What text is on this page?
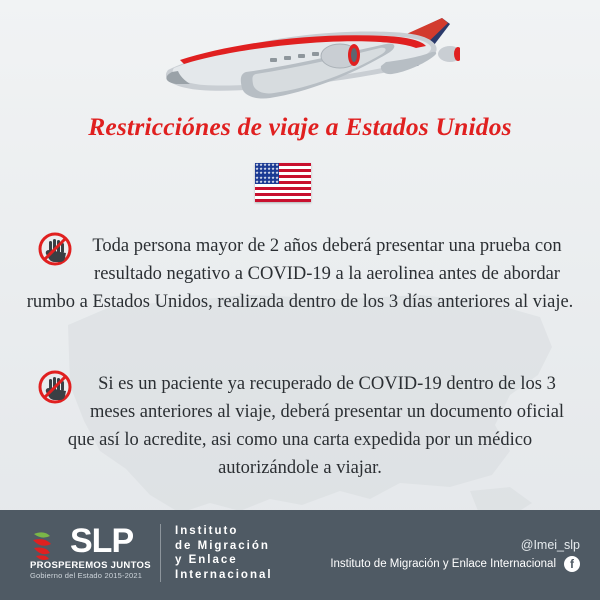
Restricciónes de viaje a Estados Unidos
★ ★ ★ ★ ★ ★
★ ★ ★ ★ ★ ★
★ ★ ★ ★ ★ ★
★ ★ ★ ★ ★ ★
★ ★ ★ ★ ★ ★

Toda persona mayor de 2 años deberá presentar una prueba con resultado negativo a COVID-19 a la aerolinea antes de abordar rumbo a Estados Unidos, realizada dentro de los 3 días anteriores al viaje.

Si es un paciente ya recuperado de COVID-19 dentro de los 3 meses anteriores al viaje, deberá presentar un documento oficial que así lo acredite, asi como una carta expedida por un médico autorizándole a viajar.

SLP
PROSPEREMOS JUNTOS
Gobierno del Estado 2015-2021
Instituto
de Migración
y Enlace
Internacional
@Imei_slp
Instituto de Migración y Enlace Internacional	f
